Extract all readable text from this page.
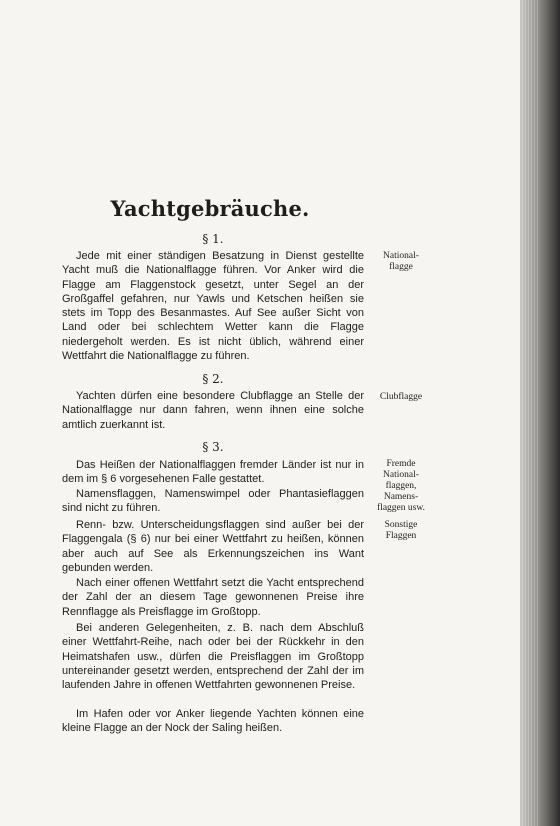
Yachtgebräuche.
§ 1.

Jede mit einer ständigen Besatzung in Dienst gestellte Yacht muß die Nationalflagge führen. Vor Anker wird die Flagge am Flaggenstock gesetzt, unter Segel an der Großgaffel gefahren, nur Yawls und Ketschen heißen sie stets im Topp des Besanmastes. Auf See außer Sicht von Land oder bei schlechtem Wetter kann die Flagge niedergeholt werden. Es ist nicht üblich, während einer Wettfahrt die Nationalflagge zu führen.

§ 2.

Yachten dürfen eine besondere Clubflagge an Stelle der Nationalflagge nur dann fahren, wenn ihnen eine solche amtlich zuerkannt ist.

§ 3.

Das Heißen der Nationalflaggen fremder Länder ist nur in dem im § 6 vorgesehenen Falle gestattet.

Namensflaggen, Namenswimpel oder Phantasieflaggen sind nicht zu führen.

Renn- bzw. Unterscheidungsflaggen sind außer bei der Flaggengala (§ 6) nur bei einer Wettfahrt zu heißen, können aber auch auf See als Erkennungszeichen ins Want gebunden werden.

Nach einer offenen Wettfahrt setzt die Yacht entsprechend der Zahl der an diesem Tage gewonnenen Preise ihre Rennflagge als Preisflagge im Großtopp.

Bei anderen Gelegenheiten, z. B. nach dem Abschluß einer Wettfahrt-Reihe, nach oder bei der Rückkehr in den Heimatshafen usw., dürfen die Preisflaggen im Großtopp untereinander gesetzt werden, entsprechend der Zahl der im laufenden Jahre in offenen Wettfahrten gewonnenen Preise.

Im Hafen oder vor Anker liegende Yachten können eine kleine Flagge an der Nock der Saling heißen.

National-
flagge
Clubflagge
Fremde
National-
flaggen,
Namens-
flaggen usw.
Sonstige
Flaggen
